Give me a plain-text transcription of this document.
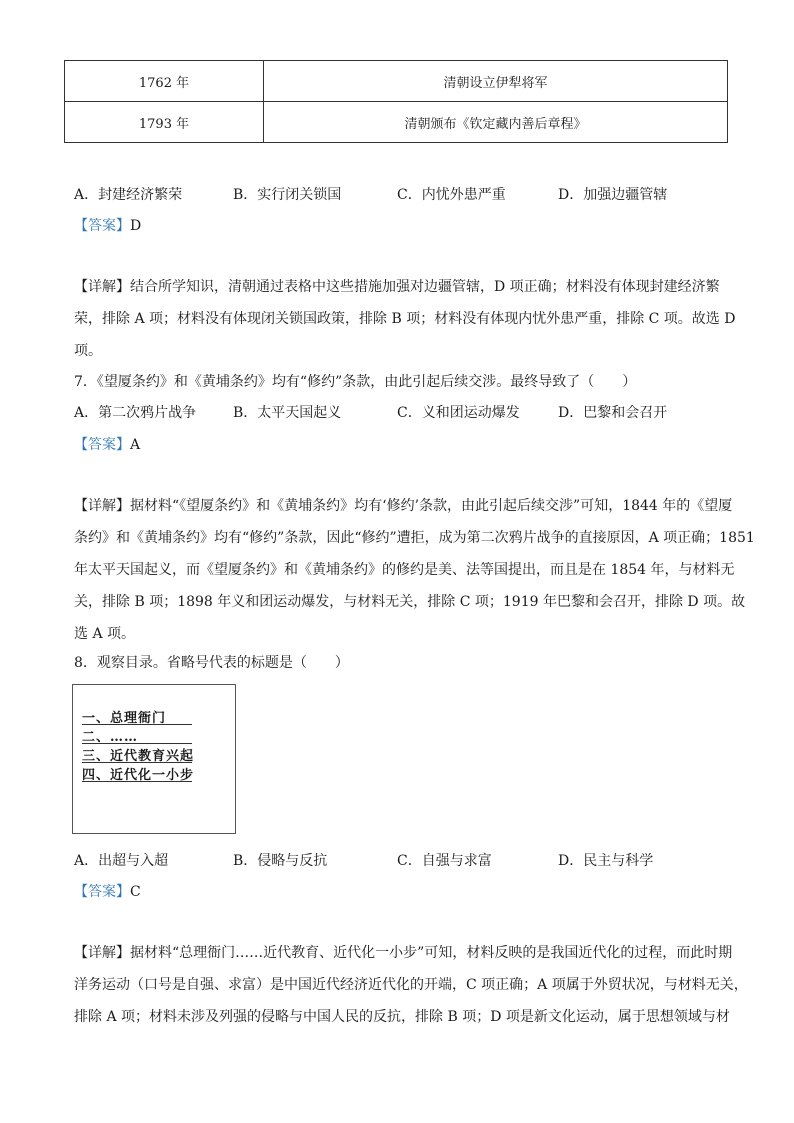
1762 年	清朝设立伊犁将军
1793 年	清朝颁布《钦定藏内善后章程》
A．封建经济繁荣	B．实行闭关锁国	C．内忧外患严重	D．加强边疆管辖
【答案】D
【详解】结合所学知识，清朝通过表格中这些措施加强对边疆管辖，D 项正确；材料没有体现封建经济繁
荣，排除 A 项；材料没有体现闭关锁国政策，排除 B 项；材料没有体现内忧外患严重，排除 C 项。故选 D
项。
7．《望厦条约》和《黄埔条约》均有“修约”条款，由此引起后续交涉。最终导致了（　　）
A．第二次鸦片战争	B．太平天国起义	C．义和团运动爆发	D．巴黎和会召开
【答案】A
【详解】据材料“《望厦条约》和《黄埔条约》均有‘修约’条款，由此引起后续交涉”可知，1844 年的《望厦
条约》和《黄埔条约》均有“修约”条款，因此“修约”遭拒，成为第二次鸦片战争的直接原因，A 项正确；1851
年太平天国起义，而《望厦条约》和《黄埔条约》的修约是美、法等国提出，而且是在 1854 年，与材料无
关，排除 B 项；1898 年义和团运动爆发，与材料无关，排除 C 项；1919 年巴黎和会召开，排除 D 项。故
选 A 项。
8．观察目录。省略号代表的标题是（　　）
一、总理衙门
二、……
三、近代教育兴起
四、近代化一小步
A．出超与入超	B．侵略与反抗	C．自强与求富	D．民主与科学
【答案】C
【详解】据材料“总理衙门……近代教育、近代化一小步”可知，材料反映的是我国近代化的过程，而此时期
洋务运动（口号是自强、求富）是中国近代经济近代化的开端，C 项正确；A 项属于外贸状况，与材料无关，
排除 A 项；材料未涉及列强的侵略与中国人民的反抗，排除 B 项；D 项是新文化运动，属于思想领域与材
